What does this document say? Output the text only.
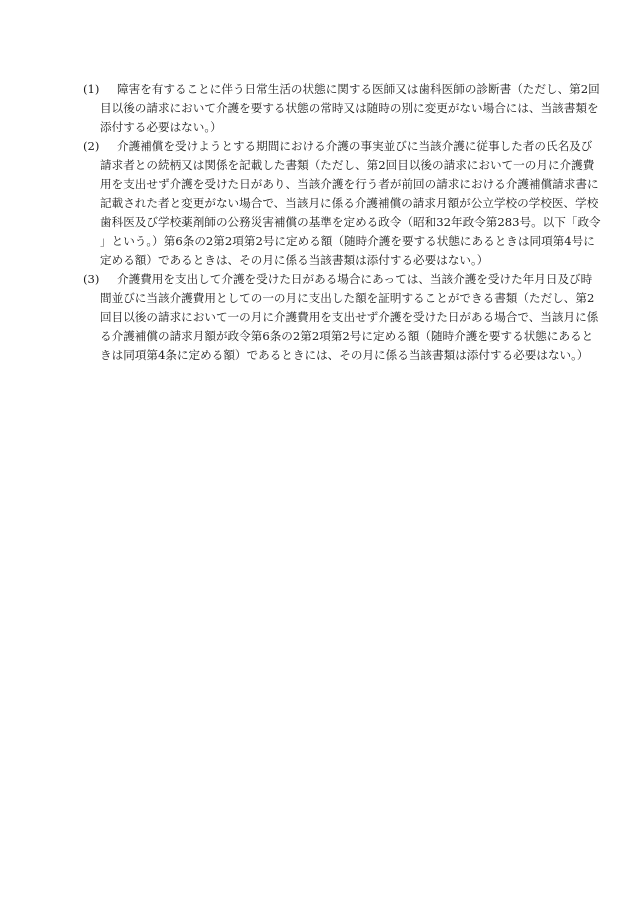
(1)	障害を有することに伴う日常生活の状態に関する医師又は歯科医師の診断書（ただし、第2回目以後の請求において介護を要する状態の常時又は随時の別に変更がない場合には、当該書類を添付する必要はない。）
(2)	介護補償を受けようとする期間における介護の事実並びに当該介護に従事した者の氏名及び請求者との続柄又は関係を記載した書類（ただし、第2回目以後の請求において一の月に介護費用を支出せず介護を受けた日があり、当該介護を行う者が前回の請求における介護補償請求書に記載された者と変更がない場合で、当該月に係る介護補償の請求月額が公立学校の学校医、学校歯科医及び学校薬剤師の公務災害補償の基準を定める政令（昭和32年政令第283号。以下「政令」という。）第6条の2第2項第2号に定める額（随時介護を要する状態にあるときは同項第4号に定める額）であるときは、その月に係る当該書類は添付する必要はない。）
(3)	介護費用を支出して介護を受けた日がある場合にあっては、当該介護を受けた年月日及び時間並びに当該介護費用としての一の月に支出した額を証明することができる書類（ただし、第2回目以後の請求において一の月に介護費用を支出せず介護を受けた日がある場合で、当該月に係る介護補償の請求月額が政令第6条の2第2項第2号に定める額（随時介護を要する状態にあるときは同項第4条に定める額）であるときには、その月に係る当該書類は添付する必要はない。）
